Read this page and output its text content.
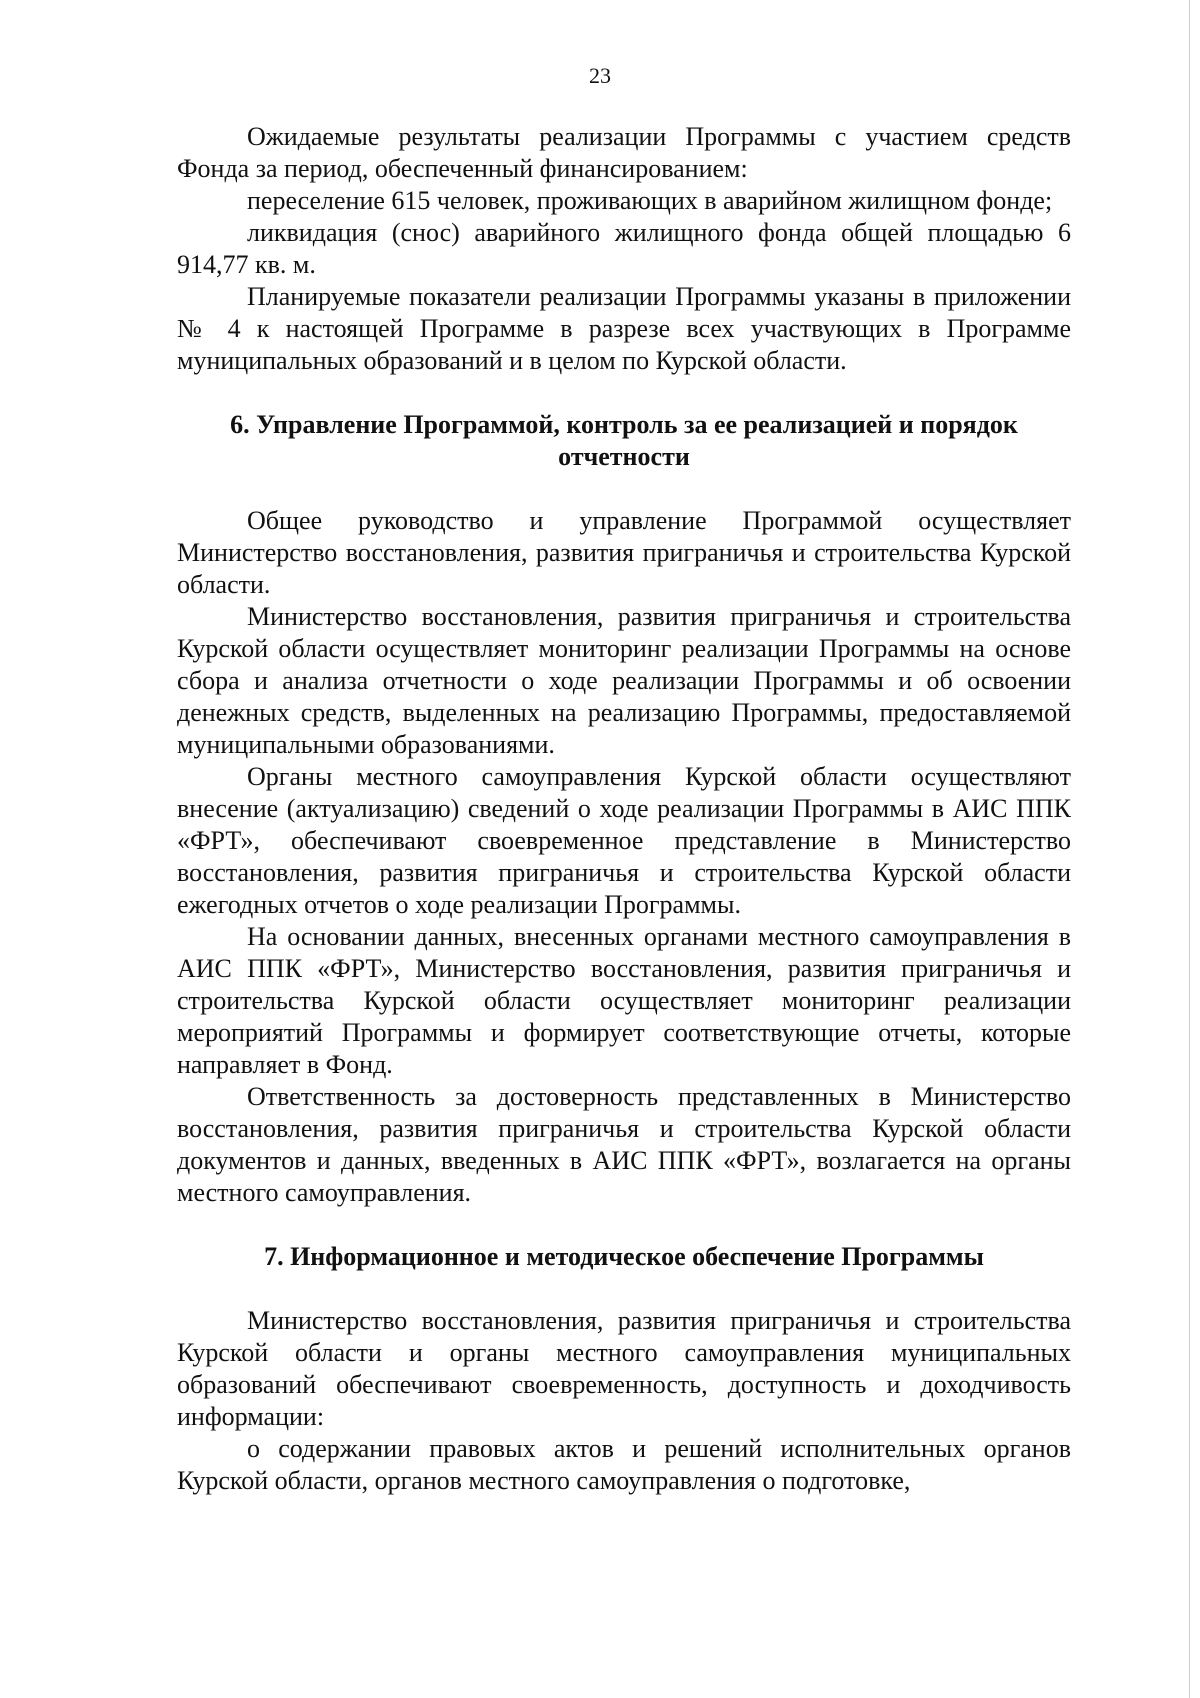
23

Ожидаемые результаты реализации Программы с участием средств Фонда за период, обеспеченный финансированием:

переселение 615 человек, проживающих в аварийном жилищном фонде;

ликвидация (снос) аварийного жилищного фонда общей площадью 6 914,77 кв. м.

Планируемые показатели реализации Программы указаны в приложении № 4 к настоящей Программе в разрезе всех участвующих в Программе муниципальных образований и в целом по Курской области.

6. Управление Программой, контроль за ее реализацией и порядок отчетности

Общее руководство и управление Программой осуществляет Министерство восстановления, развития приграничья и строительства Курской области.

Министерство восстановления, развития приграничья и строительства Курской области осуществляет мониторинг реализации Программы на основе сбора и анализа отчетности о ходе реализации Программы и об освоении денежных средств, выделенных на реализацию Программы, предоставляемой муниципальными образованиями.

Органы местного самоуправления Курской области осуществляют внесение (актуализацию) сведений о ходе реализации Программы в АИС ППК «ФРТ», обеспечивают своевременное представление в Министерство восстановления, развития приграничья и строительства Курской области ежегодных отчетов о ходе реализации Программы.

На основании данных, внесенных органами местного самоуправления в АИС ППК «ФРТ», Министерство восстановления, развития приграничья и строительства Курской области осуществляет мониторинг реализации мероприятий Программы и формирует соответствующие отчеты, которые направляет в Фонд.

Ответственность за достоверность представленных в Министерство восстановления, развития приграничья и строительства Курской области документов и данных, введенных в АИС ППК «ФРТ», возлагается на органы местного самоуправления.

7. Информационное и методическое обеспечение Программы

Министерство восстановления, развития приграничья и строительства Курской области и органы местного самоуправления муниципальных образований обеспечивают своевременность, доступность и доходчивость информации:

о содержании правовых актов и решений исполнительных органов Курской области, органов местного самоуправления о подготовке,
